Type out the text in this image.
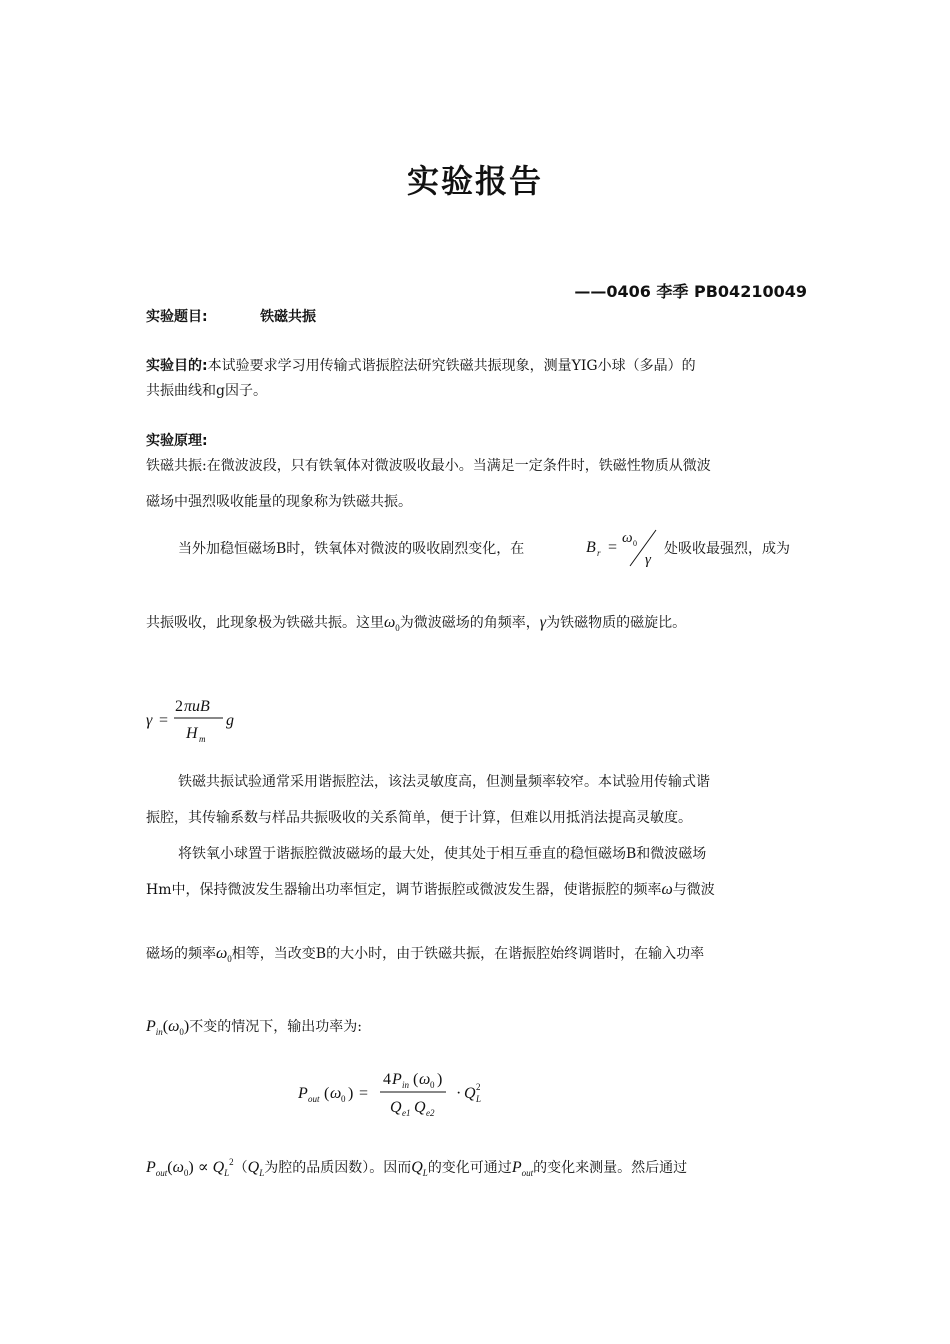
实验报告
——0406 李季 PB04210049
实验题目:	铁磁共振
实验目的:本试验要求学习用传输式谐振腔法研究铁磁共振现象，测量YIG小球（多晶）的
共振曲线和g因子。
实验原理:
铁磁共振:在微波波段，只有铁氧体对微波吸收最小。当满足一定条件时，铁磁性物质从微波
磁场中强烈吸收能量的现象称为铁磁共振。
当外加稳恒磁场B时，铁氧体对微波的吸收剧烈变化，在	B r =
ω 0
γ
处吸收最强烈，成为
共振吸收，此现象极为铁磁共振。这里$\omega_0$为微波磁场的角频率，γ为铁磁物质的磁旋比。
γ =
2 πuB
H m
g
铁磁共振试验通常采用谐振腔法，该法灵敏度高，但测量频率较窄。本试验用传输式谐
振腔，其传输系数与样品共振吸收的关系简单，便于计算，但难以用抵消法提高灵敏度。
将铁氧小球置于谐振腔微波磁场的最大处，使其处于相互垂直的稳恒磁场B和微波磁场
Hm中，保持微波发生器输出功率恒定，调节谐振腔或微波发生器，使谐振腔的频率ω与微波
磁场的频率$\omega_0$相等，当改变B的大小时，由于铁磁共振，在谐振腔始终调谐时，在输入功率
$P_{in}(\omega_0)$不变的情况下，输出功率为:
P out ( ω 0 ) =
4 P in ( ω 0 )
Q e1 Q e2
· Q L
2
$P_{out}(\omega_0) \propto Q_L^2(Q_L$为腔的品质因数）。因而$Q_L$的变化可通过$P_{out}$的变化来测量。然后通过
